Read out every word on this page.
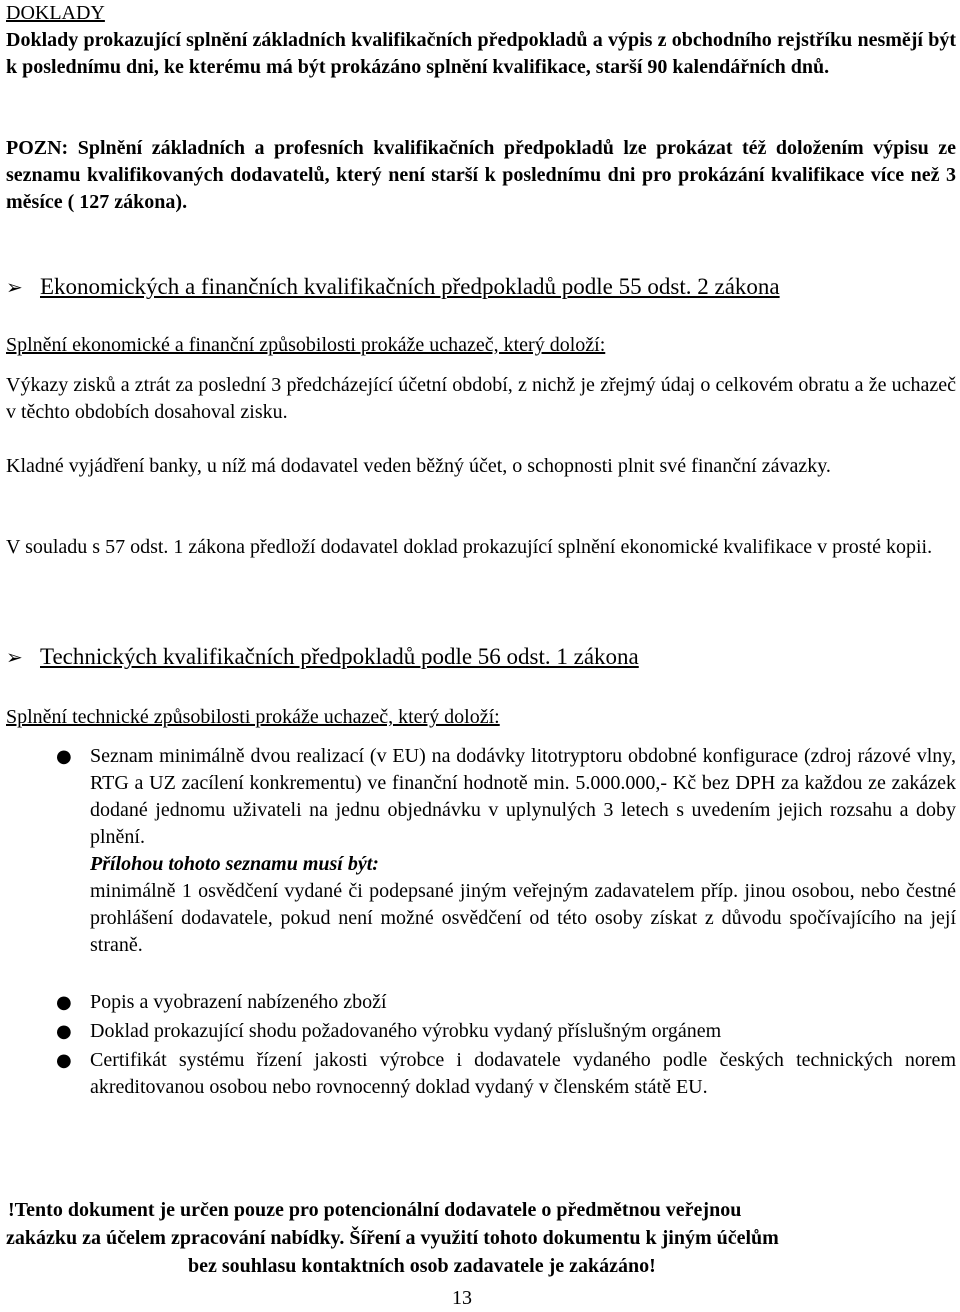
DOKLADY
Doklady prokazující splnění základních kvalifikačních předpokladů a výpis z obchodního rejstříku nesmějí být k poslednímu dni, ke kterému má být prokázáno splnění kvalifikace, starší 90 kalendářních dnů.
POZN: Splnění základních a profesních kvalifikačních předpokladů lze prokázat též doložením výpisu ze seznamu kvalifikovaných dodavatelů, který není starší k poslednímu dni pro prokázání kvalifikace více než 3 měsíce ( 127 zákona).
➢ Ekonomických a finančních kvalifikačních předpokladů podle 55 odst. 2 zákona
Splnění ekonomické a finanční způsobilosti prokáže uchazeč, který doloží:
Výkazy zisků a ztrát za poslední 3 předcházející účetní období, z nichž je zřejmý údaj o celkovém obratu a že uchazeč v těchto obdobích dosahoval zisku.
Kladné vyjádření banky, u níž má dodavatel veden běžný účet, o schopnosti plnit své finanční závazky.
V souladu s 57 odst. 1 zákona předloží dodavatel doklad prokazující splnění ekonomické kvalifikace v prosté kopii.
➢ Technických kvalifikačních předpokladů podle 56 odst. 1 zákona
Splnění technické způsobilosti prokáže uchazeč, který doloží:
● Seznam minimálně dvou realizací (v EU) na dodávky litotryptoru obdobné konfigurace (zdroj rázové vlny, RTG a UZ zacílení konkrementu) ve finanční hodnotě min. 5.000.000,- Kč bez DPH za každou ze zakázek dodané jednomu uživateli na jednu objednávku v uplynulých 3 letech s uvedením jejich rozsahu a doby plnění.
Přílohou tohoto seznamu musí být:
minimálně 1 osvědčení vydané či podepsané jiným veřejným zadavatelem příp. jinou osobou, nebo čestné prohlášení dodavatele, pokud není možné osvědčení od této osoby získat z důvodu spočívajícího na její straně.
● Popis a vyobrazení nabízeného zboží
● Doklad prokazující shodu požadovaného výrobku vydaný příslušným orgánem
● Certifikát systému řízení jakosti výrobce i dodavatele vydaného podle českých technických norem akreditovanou osobou nebo rovnocenný doklad vydaný v členském státě EU.
!Tento dokument je určen pouze pro potencionální dodavatele o předmětnou veřejnou
zakázku za účelem zpracování nabídky. Šíření a využití tohoto dokumentu k jiným účelům
bez souhlasu kontaktních osob zadavatele je zakázáno!
13
